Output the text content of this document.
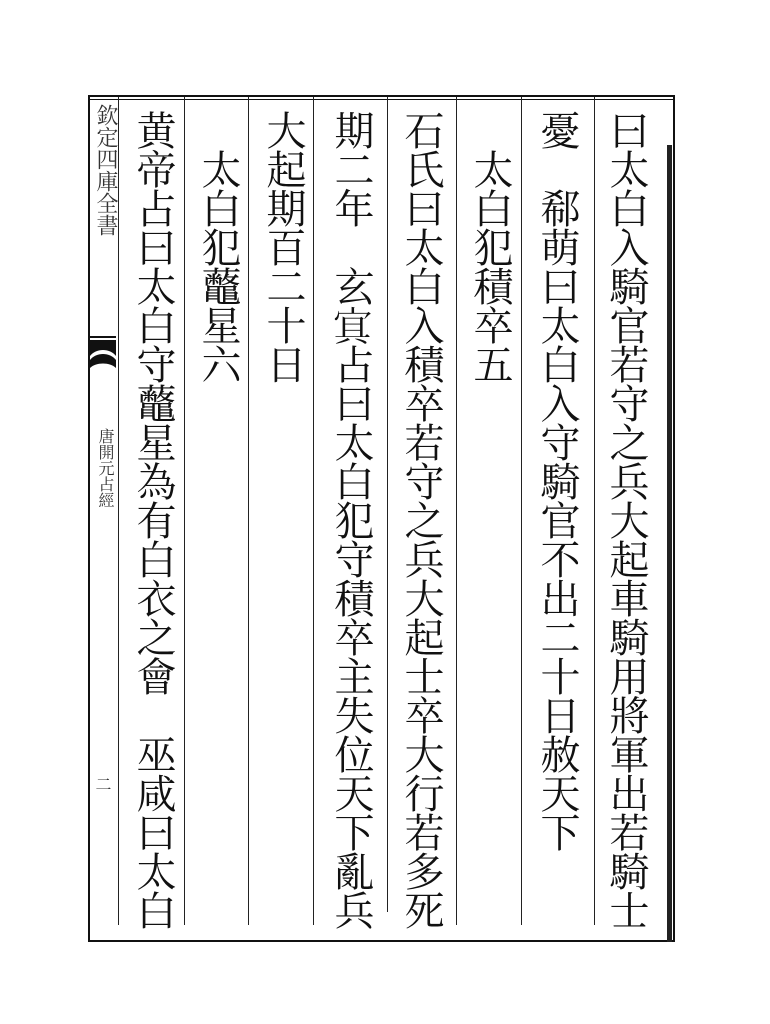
欽定四庫全書
唐開元占經
二	曰太白入騎官若守之兵大起車騎用將軍出若騎士
憂　郗萌曰太白入守騎官不出二十日赦天下
　太白犯積卒五
石氏曰太白入積卒若守之兵大起士卒大行若多死
期二年　玄𡨋占曰太白犯守積卒主失位天下亂兵
大起期百二十日
　太白犯虌星六
黄帝占曰太白守虌星為有白衣之會　巫咸曰太白
